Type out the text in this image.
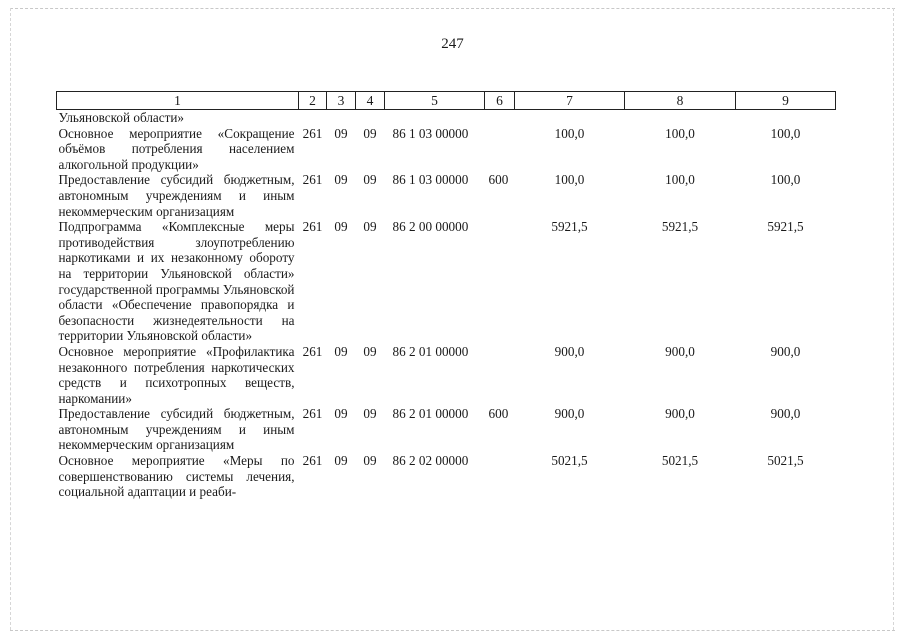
247
1	2	3	4	5	6	7	8	9
Ульяновской области»								
Основное мероприятие «Сокращение объёмов потребления населением алкогольной продукции»	261	09	09	86 1 03 00000		100,0	100,0	100,0
Предоставление субсидий бюджетным, автономным учреждениям и иным некоммерческим организациям	261	09	09	86 1 03 00000	600	100,0	100,0	100,0
Подпрограмма «Комплексные меры противодействия злоупотреблению наркотиками и их незаконному обороту на территории Ульяновской области» государственной программы Ульяновской области «Обеспечение правопорядка и безопасности жизнедеятельности на территории Ульяновской области»	261	09	09	86 2 00 00000		5921,5	5921,5	5921,5
Основное мероприятие «Профилактика незаконного потребления наркотических средств и психотропных веществ, наркомании»	261	09	09	86 2 01 00000		900,0	900,0	900,0
Предоставление субсидий бюджетным, автономным учреждениям и иным некоммерческим организациям	261	09	09	86 2 01 00000	600	900,0	900,0	900,0
Основное мероприятие «Меры по совершенствованию системы лечения, социальной адаптации и реаби-	261	09	09	86 2 02 00000		5021,5	5021,5	5021,5
